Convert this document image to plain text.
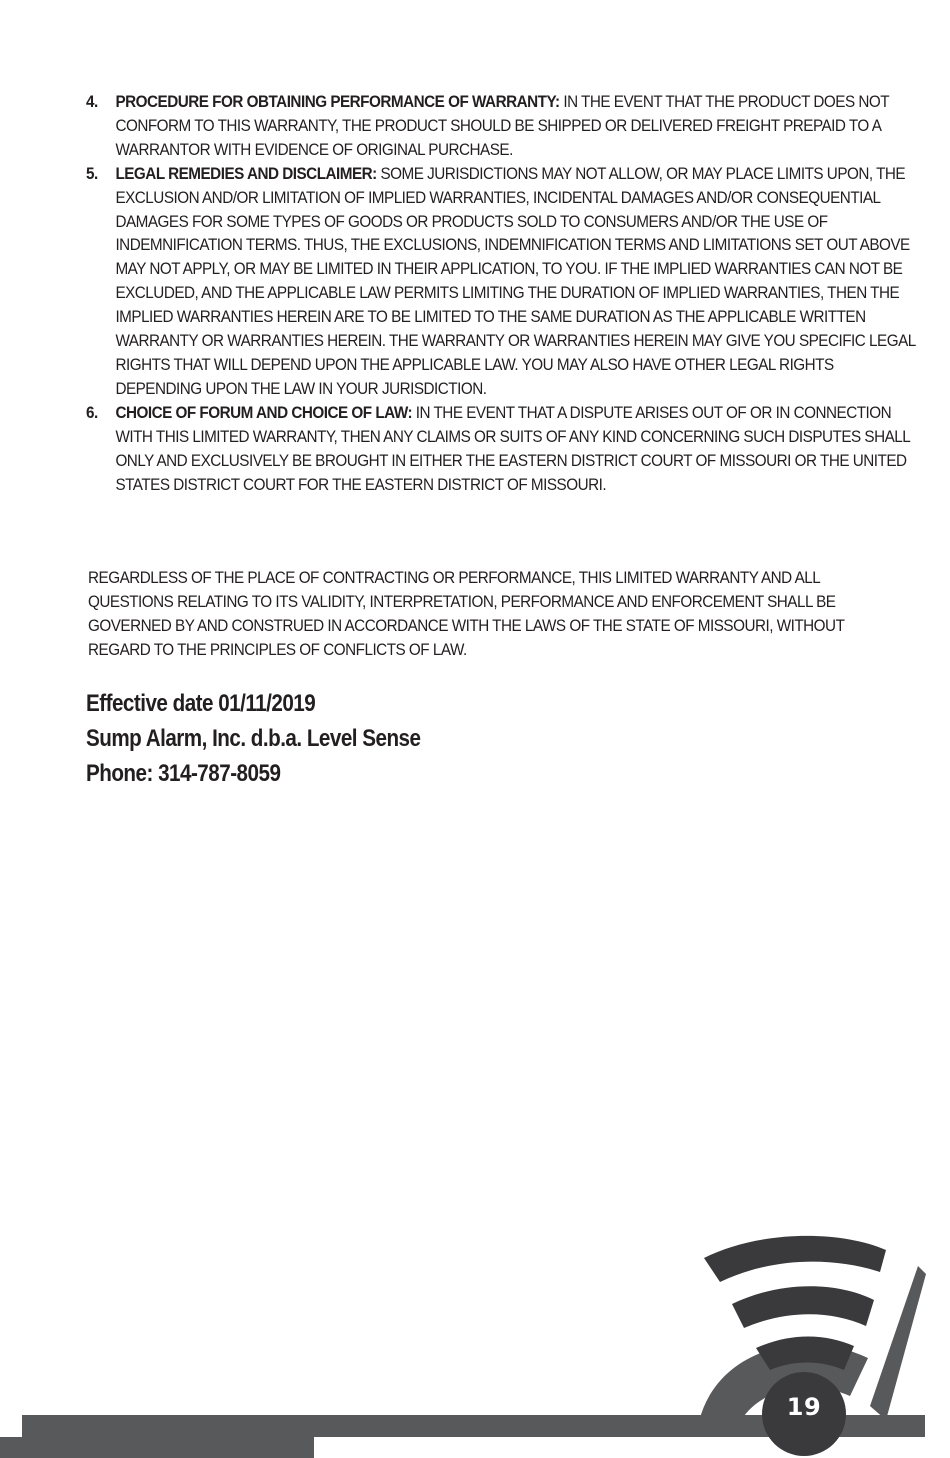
4. PROCEDURE FOR OBTAINING PERFORMANCE OF WARRANTY: IN THE EVENT THAT THE PRODUCT DOES NOT CONFORM TO THIS WARRANTY, THE PRODUCT SHOULD BE SHIPPED OR DELIVERED FREIGHT PREPAID TO A WARRANTOR WITH EVIDENCE OF ORIGINAL PURCHASE.
5. LEGAL REMEDIES AND DISCLAIMER: SOME JURISDICTIONS MAY NOT ALLOW, OR MAY PLACE LIMITS UPON, THE EXCLUSION AND/OR LIMITATION OF IMPLIED WARRANTIES, INCIDENTAL DAMAGES AND/OR CONSEQUENTIAL DAMAGES FOR SOME TYPES OF GOODS OR PRODUCTS SOLD TO CONSUMERS AND/OR THE USE OF INDEMNIFICATION TERMS. THUS, THE EXCLUSIONS, INDEMNIFICATION TERMS AND LIMITATIONS SET OUT ABOVE MAY NOT APPLY, OR MAY BE LIMITED IN THEIR APPLICATION, TO YOU. IF THE IMPLIED WARRANTIES CAN NOT BE EXCLUDED, AND THE APPLICABLE LAW PERMITS LIMITING THE DURATION OF IMPLIED WARRANTIES, THEN THE IMPLIED WARRANTIES HEREIN ARE TO BE LIMITED TO THE SAME DURATION AS THE APPLICABLE WRITTEN WARRANTY OR WARRANTIES HEREIN. THE WARRANTY OR WARRANTIES HEREIN MAY GIVE YOU SPECIFIC LEGAL RIGHTS THAT WILL DEPEND UPON THE APPLICABLE LAW. YOU MAY ALSO HAVE OTHER LEGAL RIGHTS DEPENDING UPON THE LAW IN YOUR JURISDICTION.
6. CHOICE OF FORUM AND CHOICE OF LAW: IN THE EVENT THAT A DISPUTE ARISES OUT OF OR IN CONNECTION WITH THIS LIMITED WARRANTY, THEN ANY CLAIMS OR SUITS OF ANY KIND CONCERNING SUCH DISPUTES SHALL ONLY AND EXCLUSIVELY BE BROUGHT IN EITHER THE EASTERN DISTRICT COURT OF MISSOURI OR THE UNITED STATES DISTRICT COURT FOR THE EASTERN DISTRICT OF MISSOURI.

REGARDLESS OF THE PLACE OF CONTRACTING OR PERFORMANCE, THIS LIMITED WARRANTY AND ALL QUESTIONS RELATING TO ITS VALIDITY, INTERPRETATION, PERFORMANCE AND ENFORCEMENT SHALL BE GOVERNED BY AND CONSTRUED IN ACCORDANCE WITH THE LAWS OF THE STATE OF MISSOURI, WITHOUT REGARD TO THE PRINCIPLES OF CONFLICTS OF LAW.

Effective date 01/11/2019
Sump Alarm, Inc. d.b.a. Level Sense
Phone: 314-787-8059
19
